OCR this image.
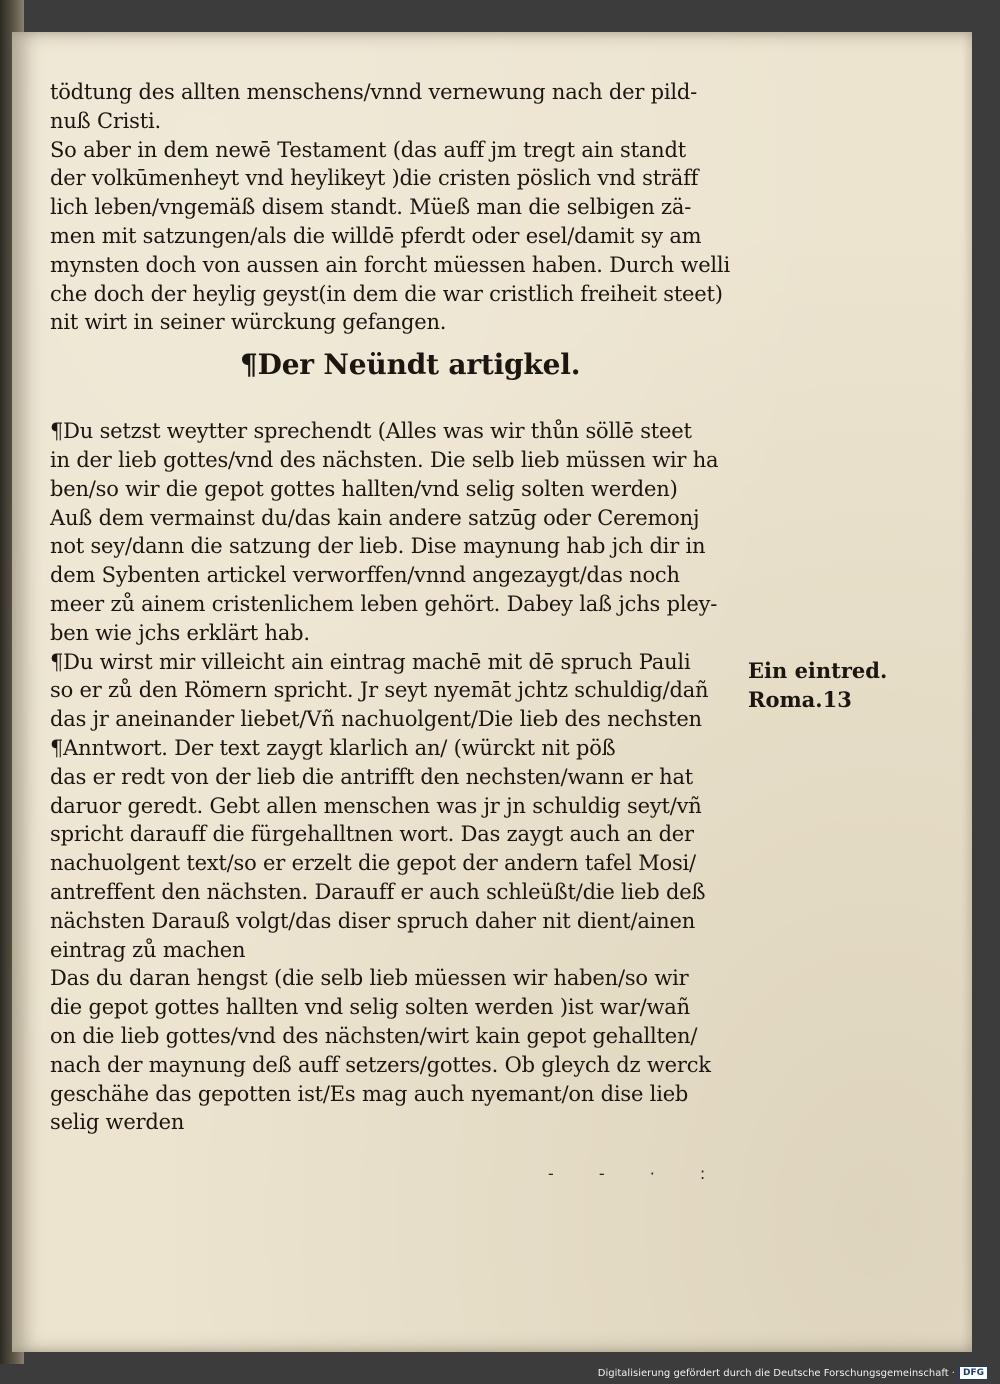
tödtung des allten menschens/vnnd vernewung nach der pild-
nuß Cristi.
So aber in dem newē Testament (das auff jm tregt ain standt
der volkūmenheyt vnd heylikeyt )die cristen pöslich vnd sträff
lich leben/vngemäß disem standt. Müeß man die selbigen zä-
men mit satzungen/als die willdē pferdt oder esel/damit sy am
mynsten doch von aussen ain forcht müessen haben. Durch welli
che doch der heylig geyst(in dem die war cristlich freiheit steet)
nit wirt in seiner würckung gefangen.
¶Der Neündt artigkel.
¶Du setzst weytter sprechendt (Alles was wir thůn söllē steet
in der lieb gottes/vnd des nächsten. Die selb lieb müssen wir ha
ben/so wir die gepot gottes hallten/vnd selig solten werden)
Auß dem vermainst du/das kain andere satzūg oder Ceremonj
not sey/dann die satzung der lieb. Dise maynung hab jch dir in
dem Sybenten artickel verworffen/vnnd angezaygt/das noch
meer zů ainem cristenlichem leben gehört. Dabey laß jchs pley-
ben wie jchs erklärt hab.
¶Du wirst mir villeicht ain eintrag machē mit dē spruch Pauli
so er zů den Römern spricht. Jr seyt nyemāt jchtz schuldig/dañ
das jr aneinander liebet/Vñ nachuolgent/Die lieb des nechsten
¶Anntwort. Der text zaygt klarlich an/ (würckt nit pöß
das er redt von der lieb die antrifft den nechsten/wann er hat
daruor geredt. Gebt allen menschen was jr jn schuldig seyt/vñ
spricht darauff die fürgehalltnen wort. Das zaygt auch an der
nachuolgent text/so er erzelt die gepot der andern tafel Mosi/
antreffent den nächsten. Darauff er auch schleüßt/die lieb deß
nächsten Darauß volgt/das diser spruch daher nit dient/ainen
eintrag zů machen
Das du daran hengst (die selb lieb müessen wir haben/so wir
die gepot gottes hallten vnd selig solten werden )ist war/wañ
on die lieb gottes/vnd des nächsten/wirt kain gepot gehallten/
nach der maynung deß auff setzers/gottes. Ob gleych dz werck
geschähe das gepotten ist/Es mag auch nyemant/on dise lieb
selig werden
Ein eintred.
Roma.13
- - · :
Digitalisierung gefördert durch die Deutsche Forschungsgemeinschaft · DFG
